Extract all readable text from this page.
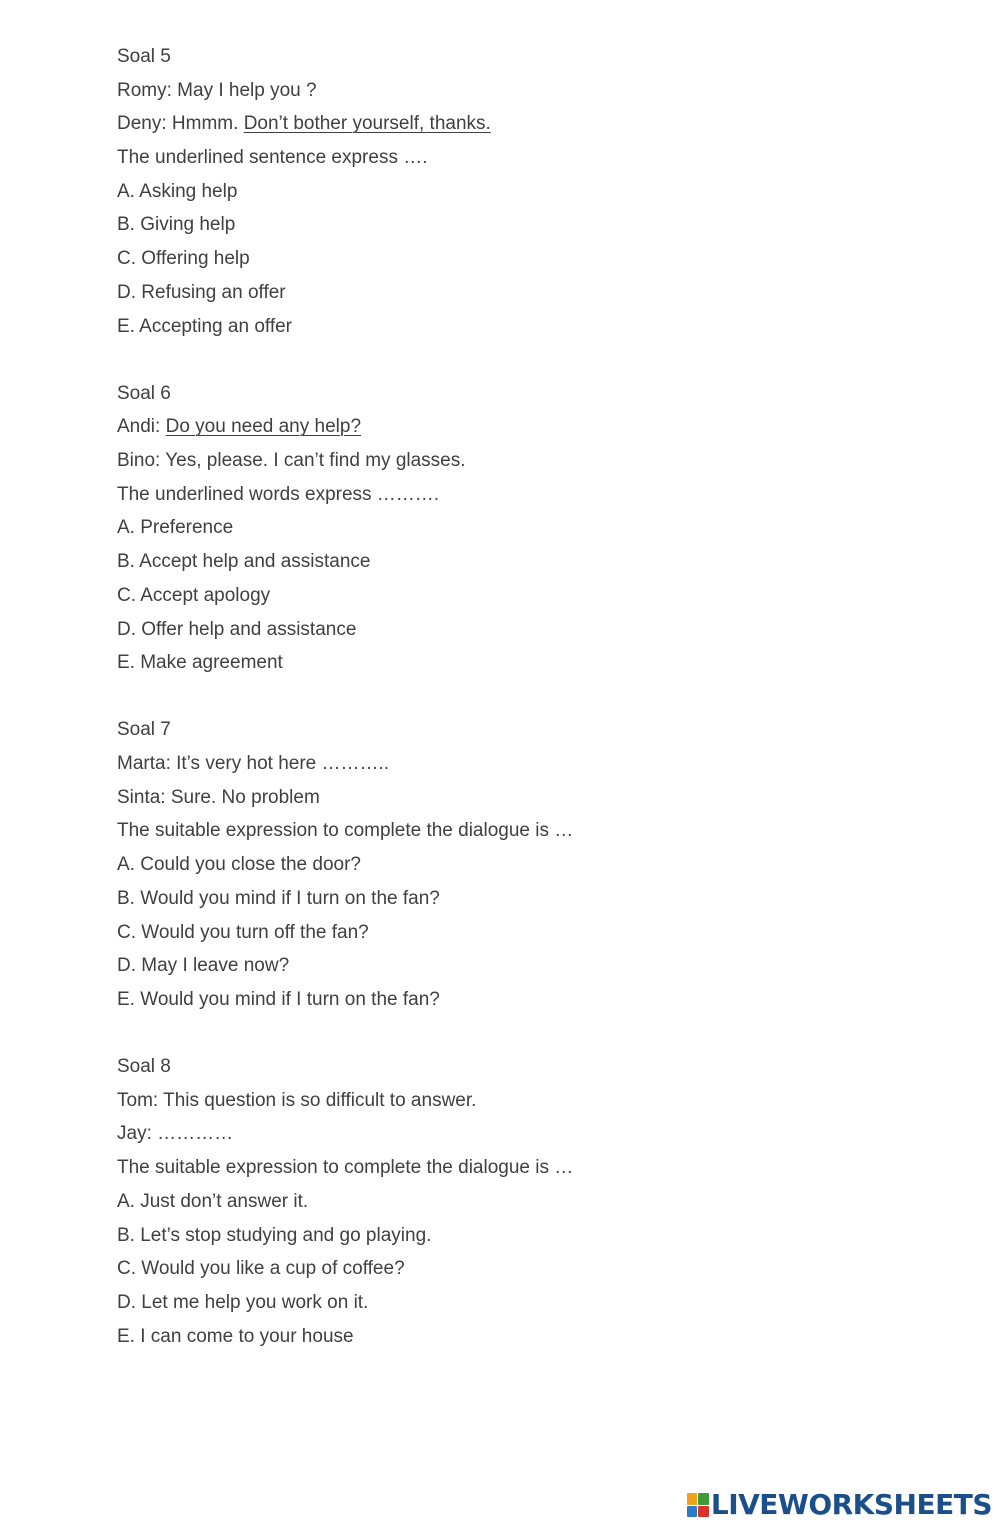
Soal 5
Romy: May I help you ?
Deny: Hmmm. Don’t bother yourself, thanks.
The underlined sentence express ….
A. Asking help
B. Giving help
C. Offering help
D. Refusing an offer
E. Accepting an offer
Soal 6
Andi: Do you need any help?
Bino: Yes, please. I can’t find my glasses.
The underlined words express ……….
A. Preference
B. Accept help and assistance
C. Accept apology
D. Offer help and assistance
E. Make agreement
Soal 7
Marta: It’s very hot here ………..
Sinta: Sure. No problem
The suitable expression to complete the dialogue is …
A. Could you close the door?
B. Would you mind if I turn on the fan?
C. Would you turn off the fan?
D. May I leave now?
E. Would you mind if I turn on the fan?
Soal 8
Tom: This question is so difficult to answer.
Jay: …………
The suitable expression to complete the dialogue is …
A. Just don’t answer it.
B. Let’s stop studying and go playing.
C. Would you like a cup of coffee?
D. Let me help you work on it.
E. I can come to your house
LIVEWORKSHEETS
